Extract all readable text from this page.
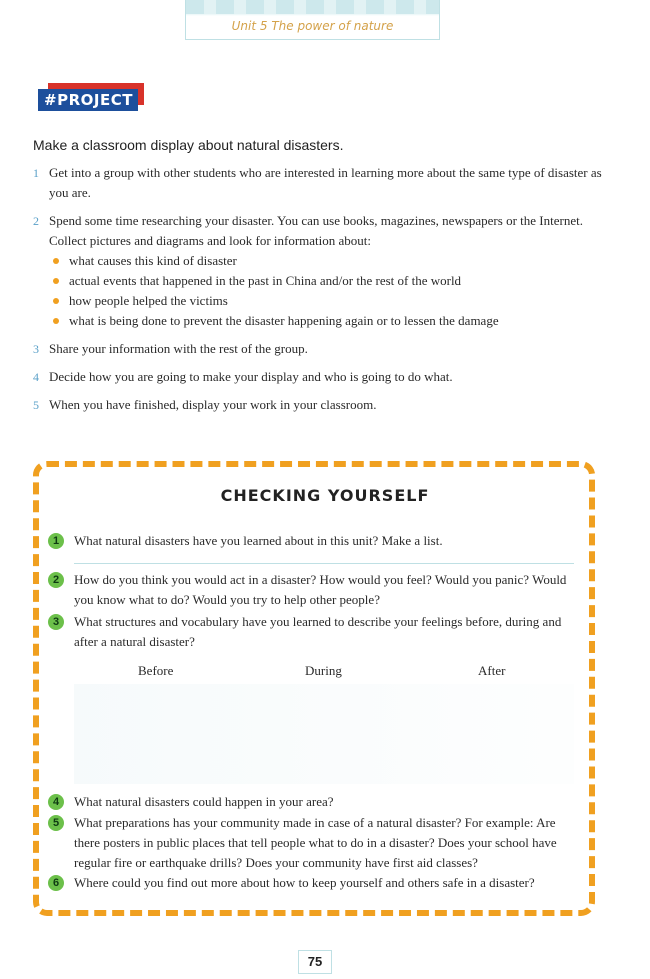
Unit 5 The power of nature
#PROJECT
Make a classroom display about natural disasters.
1 Get into a group with other students who are interested in learning more about the same type of disaster as you are.
2 Spend some time researching your disaster. You can use books, magazines, newspapers or the Internet. Collect pictures and diagrams and look for information about:
what causes this kind of disaster
actual events that happened in the past in China and/or the rest of the world
how people helped the victims
what is being done to prevent the disaster happening again or to lessen the damage
3 Share your information with the rest of the group.
4 Decide how you are going to make your display and who is going to do what.
5 When you have finished, display your work in your classroom.
CHECKING YOURSELF
1	What natural disasters have you learned about in this unit? Make a list.
2	How do you think you would act in a disaster? How would you feel? Would you panic? Would you know what to do? Would you try to help other people?
3	What structures and vocabulary have you learned to describe your feelings before, during and after a natural disaster?
Before	During	After
4	What natural disasters could happen in your area?
5	What preparations has your community made in case of a natural disaster? For example: Are there posters in public places that tell people what to do in a disaster? Does your school have regular fire or earthquake drills? Does your community have first aid classes?
6	Where could you find out more about how to keep yourself and others safe in a disaster?
75
